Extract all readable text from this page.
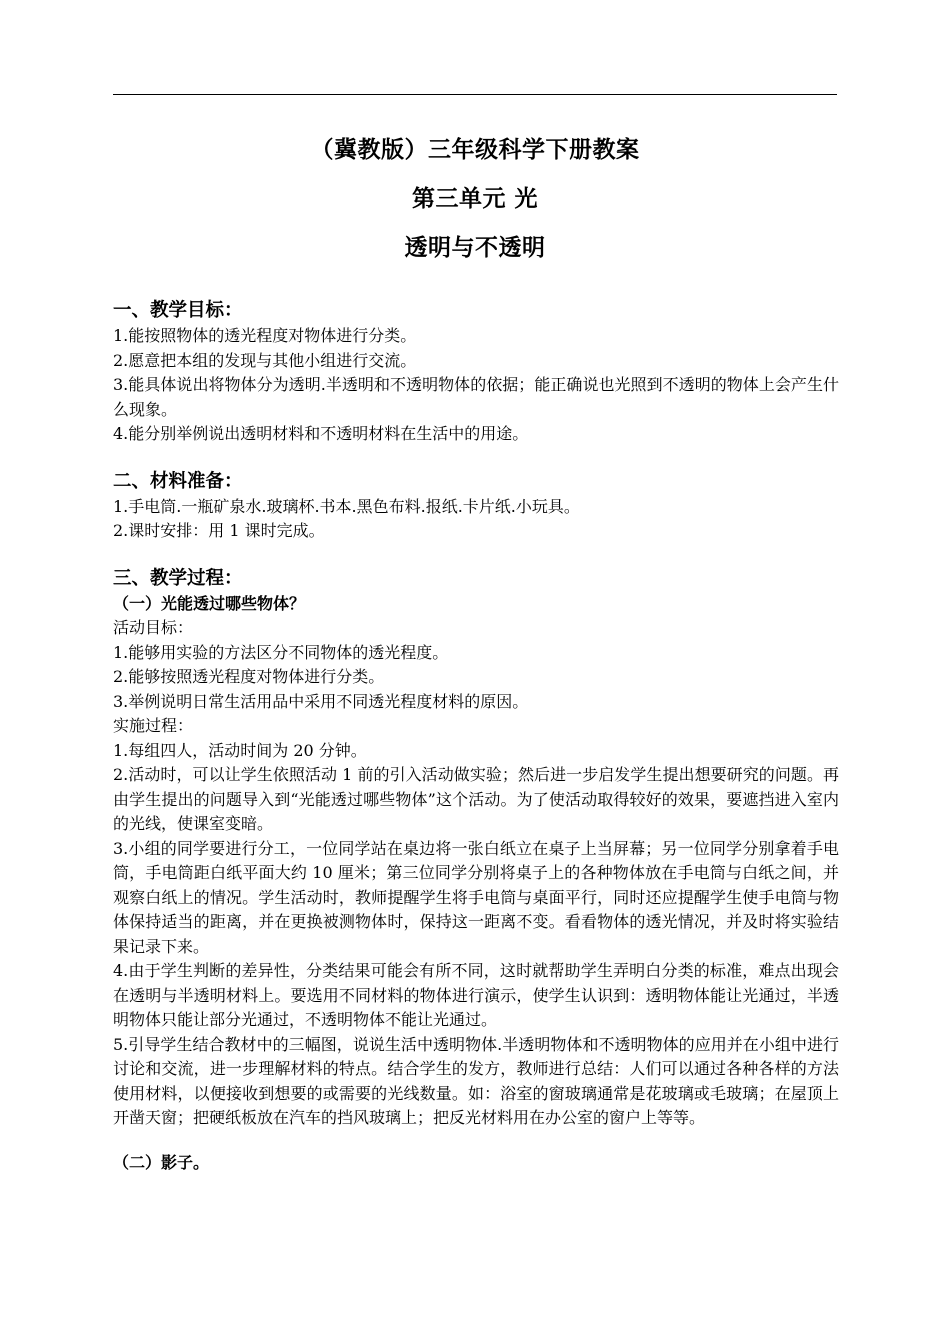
（冀教版）三年级科学下册教案
第三单元 光
透明与不透明

一、教学目标：

1.能按照物体的透光程度对物体进行分类。

2.愿意把本组的发现与其他小组进行交流。

3.能具体说出将物体分为透明.半透明和不透明物体的依据；能正确说也光照到不透明的物体上会产生什么现象。

4.能分别举例说出透明材料和不透明材料在生活中的用途。

二、材料准备：

1.手电筒.一瓶矿泉水.玻璃杯.书本.黑色布料.报纸.卡片纸.小玩具。

2.课时安排：用 1 课时完成。

三、教学过程：

（一）光能透过哪些物体？

活动目标：

1.能够用实验的方法区分不同物体的透光程度。

2.能够按照透光程度对物体进行分类。

3.举例说明日常生活用品中采用不同透光程度材料的原因。

实施过程：

1.每组四人，活动时间为 20 分钟。

2.活动时，可以让学生依照活动 1 前的引入活动做实验；然后进一步启发学生提出想要研究的问题。再由学生提出的问题导入到“光能透过哪些物体”这个活动。为了使活动取得较好的效果，要遮挡进入室内的光线，使课室变暗。

3.小组的同学要进行分工，一位同学站在桌边将一张白纸立在桌子上当屏幕；另一位同学分别拿着手电筒，手电筒距白纸平面大约 10 厘米；第三位同学分别将桌子上的各种物体放在手电筒与白纸之间，并观察白纸上的情况。学生活动时，教师提醒学生将手电筒与桌面平行，同时还应提醒学生使手电筒与物体保持适当的距离，并在更换被测物体时，保持这一距离不变。看看物体的透光情况，并及时将实验结果记录下来。

4.由于学生判断的差异性，分类结果可能会有所不同，这时就帮助学生弄明白分类的标准，难点出现会在透明与半透明材料上。要选用不同材料的物体进行演示，使学生认识到：透明物体能让光通过，半透明物体只能让部分光通过，不透明物体不能让光通过。

5.引导学生结合教材中的三幅图，说说生活中透明物体.半透明物体和不透明物体的应用并在小组中进行讨论和交流，进一步理解材料的特点。结合学生的发方，教师进行总结：人们可以通过各种各样的方法使用材料，以便接收到想要的或需要的光线数量。如：浴室的窗玻璃通常是花玻璃或毛玻璃；在屋顶上开凿天窗；把硬纸板放在汽车的挡风玻璃上；把反光材料用在办公室的窗户上等等。

（二）影子。
